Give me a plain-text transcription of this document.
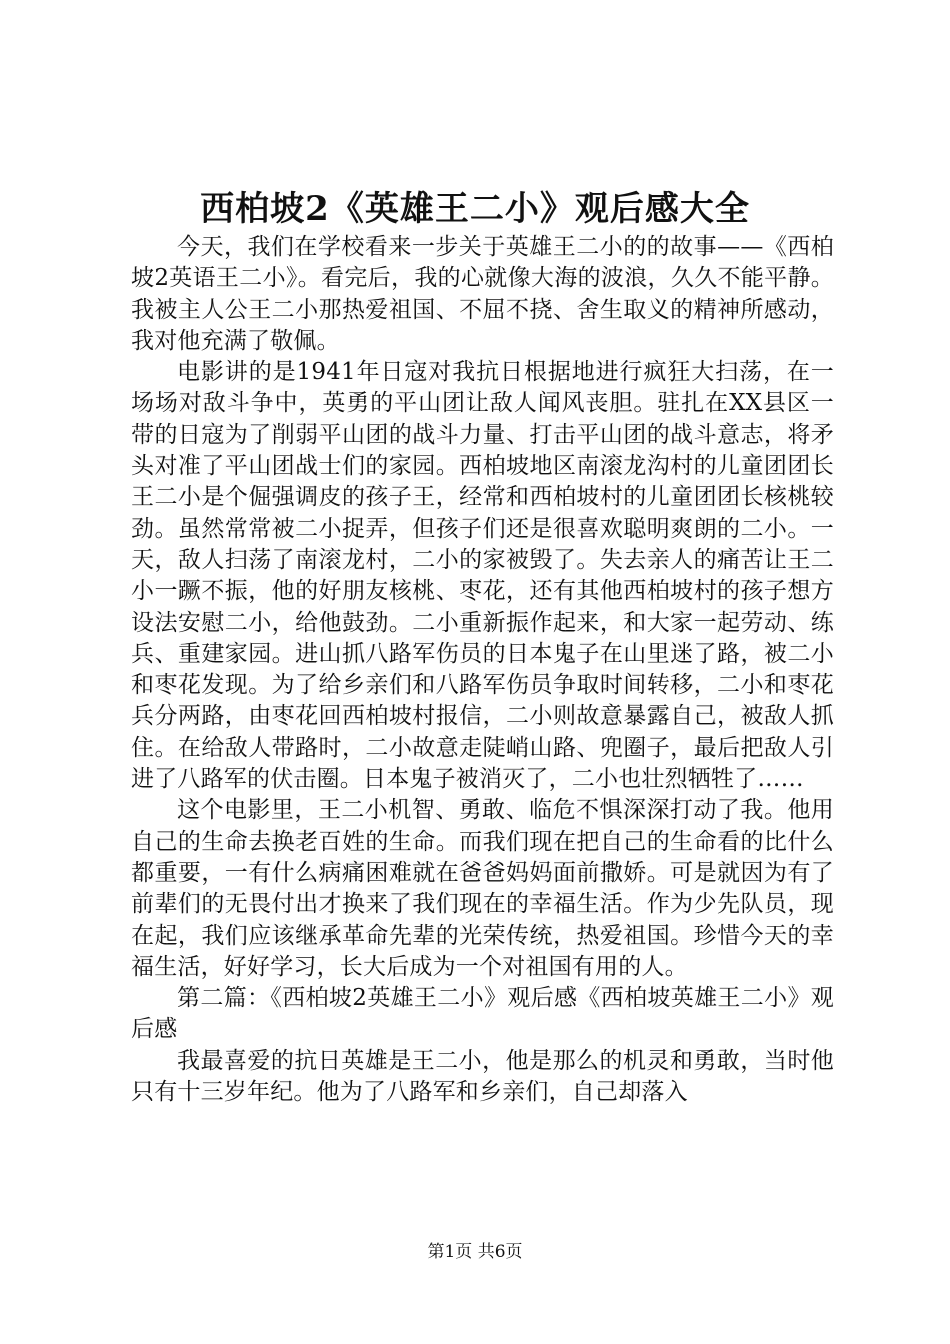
西柏坡2《英雄王二小》观后感大全

今天，我们在学校看来一步关于英雄王二小的的故事——《西柏坡2英语王二小》。看完后，我的心就像大海的波浪，久久不能平静。我被主人公王二小那热爱祖国、不屈不挠、舍生取义的精神所感动，我对他充满了敬佩。

电影讲的是1941年日寇对我抗日根据地进行疯狂大扫荡，在一场场对敌斗争中，英勇的平山团让敌人闻风丧胆。驻扎在XX县区一带的日寇为了削弱平山团的战斗力量、打击平山团的战斗意志，将矛头对准了平山团战士们的家园。西柏坡地区南滚龙沟村的儿童团团长王二小是个倔强调皮的孩子王，经常和西柏坡村的儿童团团长核桃较劲。虽然常常被二小捉弄，但孩子们还是很喜欢聪明爽朗的二小。一天，敌人扫荡了南滚龙村，二小的家被毁了。失去亲人的痛苦让王二小一蹶不振，他的好朋友核桃、枣花，还有其他西柏坡村的孩子想方设法安慰二小，给他鼓劲。二小重新振作起来，和大家一起劳动、练兵、重建家园。进山抓八路军伤员的日本鬼子在山里迷了路，被二小和枣花发现。为了给乡亲们和八路军伤员争取时间转移，二小和枣花兵分两路，由枣花回西柏坡村报信，二小则故意暴露自己，被敌人抓住。在给敌人带路时，二小故意走陡峭山路、兜圈子，最后把敌人引进了八路军的伏击圈。日本鬼子被消灭了，二小也壮烈牺牲了……

这个电影里，王二小机智、勇敢、临危不惧深深打动了我。他用自己的生命去换老百姓的生命。而我们现在把自己的生命看的比什么都重要，一有什么病痛困难就在爸爸妈妈面前撒娇。可是就因为有了前辈们的无畏付出才换来了我们现在的幸福生活。作为少先队员，现在起，我们应该继承革命先辈的光荣传统，热爱祖国。珍惜今天的幸福生活，好好学习，长大后成为一个对祖国有用的人。

第二篇：《西柏坡2英雄王二小》观后感《西柏坡英雄王二小》观后感

我最喜爱的抗日英雄是王二小，他是那么的机灵和勇敢，当时他只有十三岁年纪。他为了八路军和乡亲们，自己却落入

第1页 共6页
